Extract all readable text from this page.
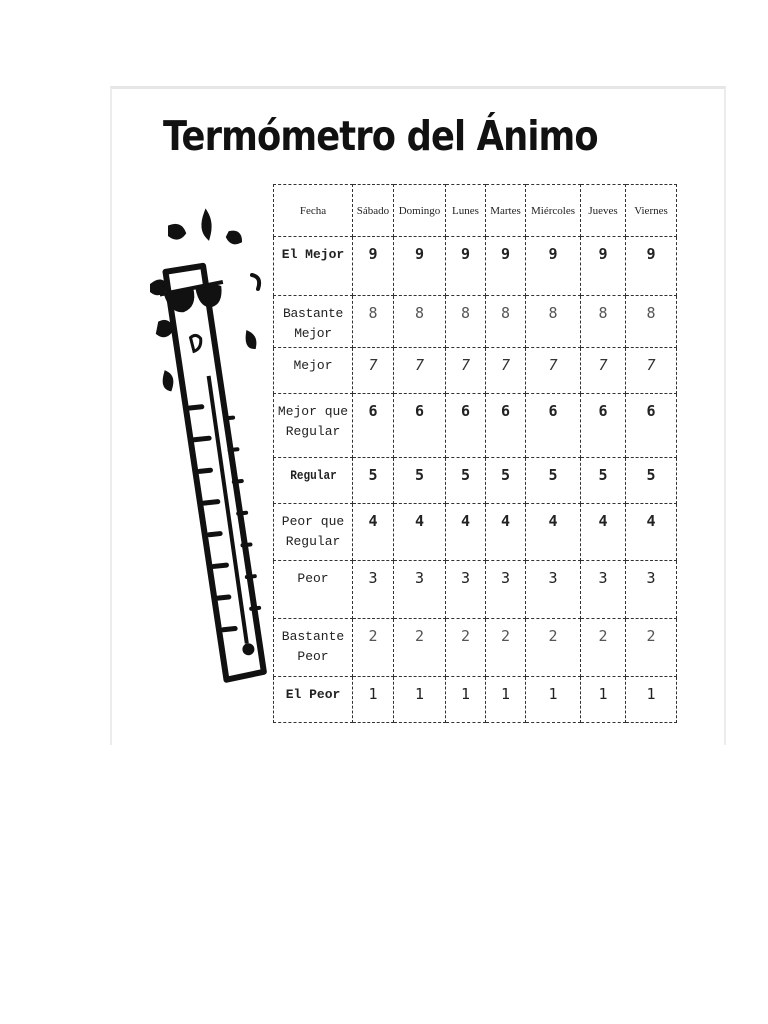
Termómetro del Ánimo
Fecha	Sábado	Domingo	Lunes	Martes	Miércoles	Jueves	Viernes
El Mejor	9	9	9	9	9	9	9
Bastante Mejor	8	8	8	8	8	8	8
Mejor	7	7	7	7	7	7	7
Mejor que Regular	6	6	6	6	6	6	6
Regular	5	5	5	5	5	5	5
Peor que Regular	4	4	4	4	4	4	4
Peor	3	3	3	3	3	3	3
Bastante Peor	2	2	2	2	2	2	2
El Peor	1	1	1	1	1	1	1
